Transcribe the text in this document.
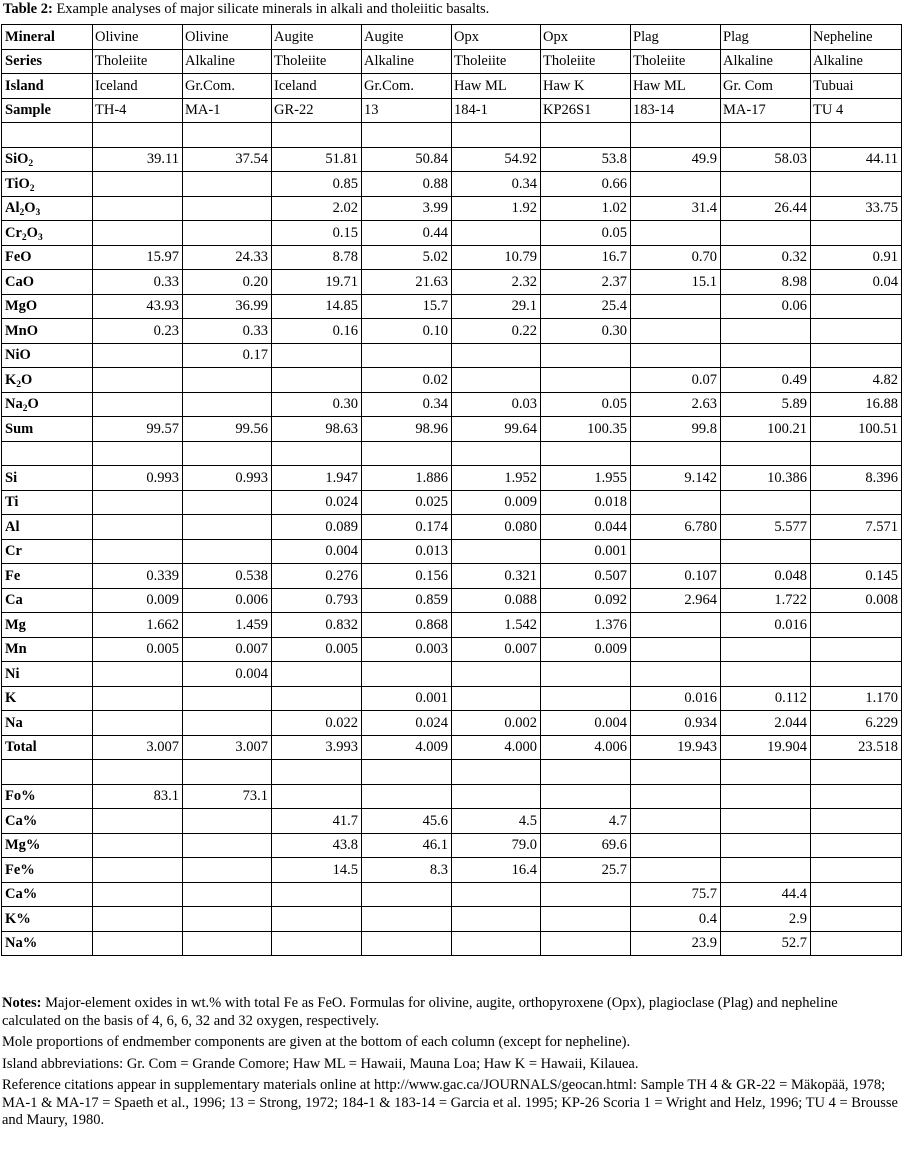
Table 2: Example analyses of major silicate minerals in alkali and tholeiitic basalts.
Mineral	Olivine	Olivine	Augite	Augite	Opx	Opx	Plag	Plag	Nepheline
Series	Tholeiite	Alkaline	Tholeiite	Alkaline	Tholeiite	Tholeiite	Tholeiite	Alkaline	Alkaline
Island	Iceland	Gr.Com.	Iceland	Gr.Com.	Haw ML	Haw K	Haw ML	Gr. Com	Tubuai
Sample	TH-4	MA-1	GR-22	13	184-1	KP26S1	183-14	MA-17	TU 4

SiO$_2$	39.11	37.54	51.81	50.84	54.92	53.8	49.9	58.03	44.11
TiO$_2$			0.85	0.88	0.34	0.66			
$Al_2O_3$			2.02	3.99	1.92	1.02	31.4	26.44	33.75
$Cr_2O_3$			0.15	0.44		0.05			
FeO	15.97	24.33	8.78	5.02	10.79	16.7	0.70	0.32	0.91
CaO	0.33	0.20	19.71	21.63	2.32	2.37	15.1	8.98	0.04
MgO	43.93	36.99	14.85	15.7	29.1	25.4		0.06	
MnO	0.23	0.33	0.16	0.10	0.22	0.30			
NiO		0.17							
$K_2O$				0.02			0.07	0.49	4.82
$Na_2O$			0.30	0.34	0.03	0.05	2.63	5.89	16.88
Sum	99.57	99.56	98.63	98.96	99.64	100.35	99.8	100.21	100.51

Si	0.993	0.993	1.947	1.886	1.952	1.955	9.142	10.386	8.396
Ti			0.024	0.025	0.009	0.018			
Al			0.089	0.174	0.080	0.044	6.780	5.577	7.571
Cr			0.004	0.013		0.001			
Fe	0.339	0.538	0.276	0.156	0.321	0.507	0.107	0.048	0.145
Ca	0.009	0.006	0.793	0.859	0.088	0.092	2.964	1.722	0.008
Mg	1.662	1.459	0.832	0.868	1.542	1.376		0.016	
Mn	0.005	0.007	0.005	0.003	0.007	0.009			
Ni		0.004							
K				0.001			0.016	0.112	1.170
Na			0.022	0.024	0.002	0.004	0.934	2.044	6.229
Total	3.007	3.007	3.993	4.009	4.000	4.006	19.943	19.904	23.518

Fo%	83.1	73.1							
Ca%			41.7	45.6	4.5	4.7			
Mg%			43.8	46.1	79.0	69.6			
Fe%			14.5	8.3	16.4	25.7			
Ca%							75.7	44.4	
K%							0.4	2.9	
Na%							23.9	52.7	

Notes: Major-element oxides in wt.% with total Fe as FeO. Formulas for olivine, augite, orthopyroxene (Opx), plagioclase (Plag) and nepheline calculated on the basis of 4, 6, 6, 32 and 32 oxygen, respectively.

Mole proportions of endmember components are given at the bottom of each column (except for nepheline).

Island abbreviations: Gr. Com = Grande Comore; Haw ML = Hawaii, Mauna Loa; Haw K = Hawaii, Kilauea.

Reference citations appear in supplementary materials online at http://www.gac.ca/JOURNALS/geocan.html: Sample TH 4 & GR-22 = Mäkopää, 1978; MA-1 & MA-17 = Spaeth et al., 1996; 13 = Strong, 1972; 184-1 & 183-14 = Garcia et al. 1995; KP-26 Scoria 1 = Wright and Helz, 1996; TU 4 = Brousse and Maury, 1980.
